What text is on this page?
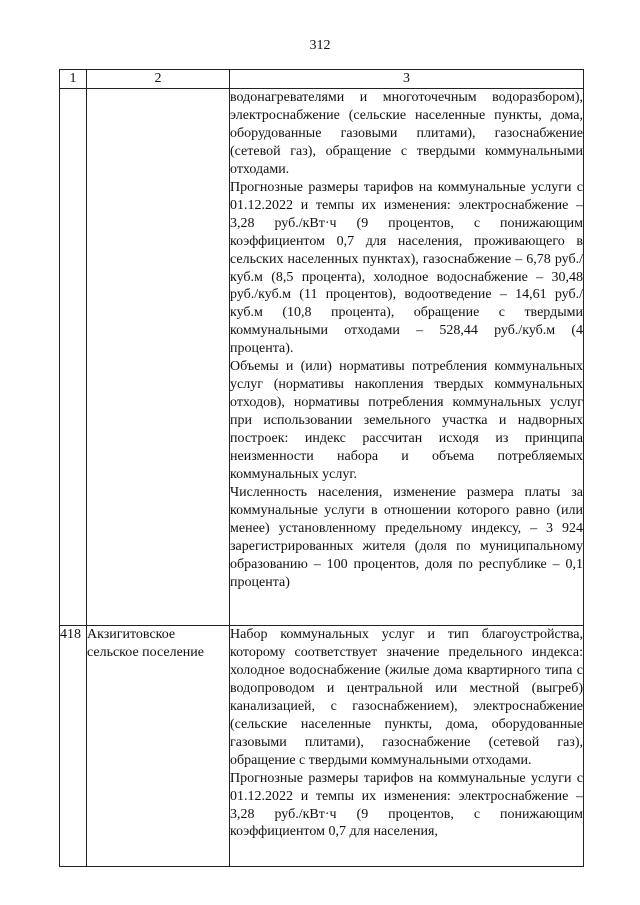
312
1	2	3

		водонагревателями и многоточечным водоразбором), электроснабжение (сельские населенные пункты, дома, оборудованные газовыми плитами), газоснабжение (сетевой газ), обращение с твердыми коммунальными отходами.

Прогнозные размеры тарифов на коммунальные услуги с 01.12.2022 и темпы их изменения: электроснабжение – 3,28 руб./кВт·ч (9 процентов, с понижающим коэффициентом 0,7 для населения, проживающего в сельских населенных пунктах), газоснабжение – 6,78 руб./куб.м (8,5 процента), холодное водоснабжение – 30,48 руб./куб.м (11 процентов), водоотведение – 14,61 руб./куб.м (10,8 процента), обращение с твердыми коммунальными отходами – 528,44 руб./куб.м (4 процента).

Объемы и (или) нормативы потребления коммунальных услуг (нормативы накопления твердых коммунальных отходов), нормативы потребления коммунальных услуг при использовании земельного участка и надворных построек: индекс рассчитан исходя из принципа неизменности набора и объема потребляемых коммунальных услуг.

Численность населения, изменение размера платы за коммунальные услуги в отношении которого равно (или менее) установленному предельному индексу, – 3 924 зарегистрированных жителя (доля по муниципальному образованию – 100 процентов, доля по республике – 0,1 процента)

418	Акзигитовское сельское поселение	Набор коммунальных услуг и тип благоустройства, которому соответствует значение предельного индекса: холодное водоснабжение (жилые дома квартирного типа с водопроводом и центральной или местной (выгреб) канализацией, с газоснабжением), электроснабжение (сельские населенные пункты, дома, оборудованные газовыми плитами), газоснабжение (сетевой газ), обращение с твердыми коммунальными отходами.

Прогнозные размеры тарифов на коммунальные услуги с 01.12.2022 и темпы их изменения: электроснабжение – 3,28 руб./кВт·ч (9 процентов, с понижающим коэффициентом 0,7 для населения,
